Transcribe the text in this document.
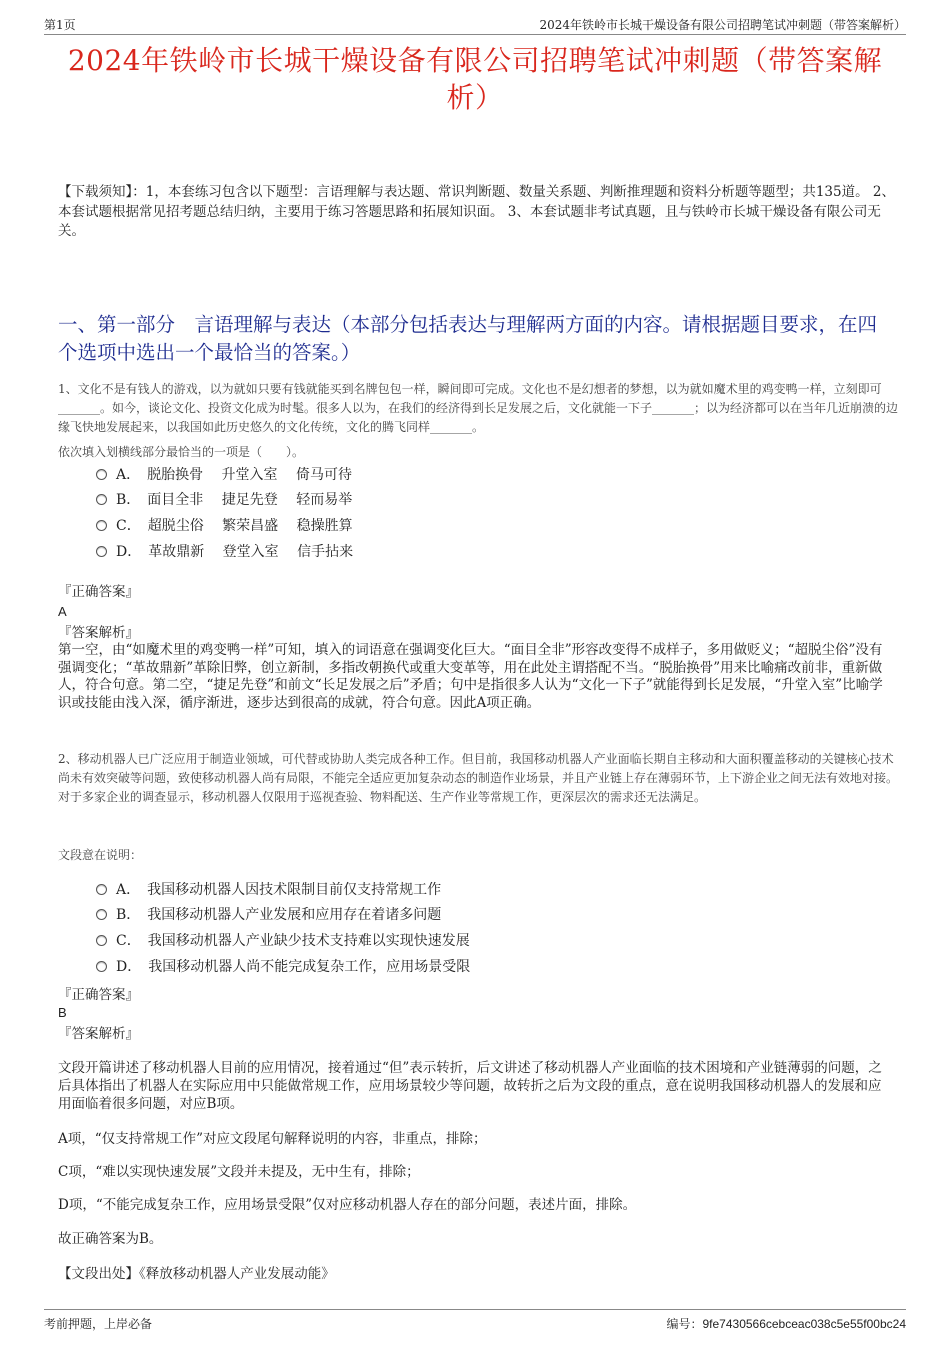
第1页	2024年铁岭市长城干燥设备有限公司招聘笔试冲刺题（带答案解析）
2024年铁岭市长城干燥设备有限公司招聘笔试冲刺题（带答案解析）
【下载须知】：1，本套练习包含以下题型：言语理解与表达题、常识判断题、数量关系题、判断推理题和资料分析题等题型；共135道。 2、本套试题根据常见招考题总结归纳，主要用于练习答题思路和拓展知识面。 3、本套试题非考试真题，且与铁岭市长城干燥设备有限公司无关。
一、第一部分　言语理解与表达（本部分包括表达与理解两方面的内容。请根据题目要求，在四个选项中选出一个最恰当的答案。）
1、文化不是有钱人的游戏，以为就如只要有钱就能买到名牌包包一样，瞬间即可完成。文化也不是幻想者的梦想，以为就如魔术里的鸡变鸭一样，立刻即可_______。如今，谈论文化、投资文化成为时髦。很多人以为，在我们的经济得到长足发展之后，文化就能一下子_______；以为经济都可以在当年几近崩溃的边缘飞快地发展起来，以我国如此历史悠久的文化传统，文化的腾飞同样_______。
依次填入划横线部分最恰当的一项是（　　）。
A．　脱胎换骨　 升堂入室　 倚马可待
B．　面目全非　 捷足先登　 轻而易举
C．　超脱尘俗　 繁荣昌盛　 稳操胜算
D．　革故鼎新　 登堂入室　 信手拈来
『正确答案』
A
『答案解析』
第一空，由“如魔术里的鸡变鸭一样”可知，填入的词语意在强调变化巨大。“面目全非”形容改变得不成样子，多用做贬义；“超脱尘俗”没有强调变化；“革故鼎新”革除旧弊，创立新制，多指改朝换代或重大变革等，用在此处主谓搭配不当。“脱胎换骨”用来比喻痛改前非，重新做人，符合句意。第二空，“捷足先登”和前文“长足发展之后”矛盾；句中是指很多人认为“文化一下子”就能得到长足发展，“升堂入室”比喻学识或技能由浅入深，循序渐进，逐步达到很高的成就，符合句意。因此A项正确。
2、移动机器人已广泛应用于制造业领域，可代替或协助人类完成各种工作。但目前，我国移动机器人产业面临长期自主移动和大面积覆盖移动的关键核心技术尚未有效突破等问题，致使移动机器人尚有局限，不能完全适应更加复杂动态的制造作业场景，并且产业链上存在薄弱环节，上下游企业之间无法有效地对接。对于多家企业的调查显示，移动机器人仅限用于巡视查验、物料配送、生产作业等常规工作，更深层次的需求还无法满足。
文段意在说明：
A．　我国移动机器人因技术限制目前仅支持常规工作
B．　我国移动机器人产业发展和应用存在着诸多问题
C．　我国移动机器人产业缺少技术支持难以实现快速发展
D．　我国移动机器人尚不能完成复杂工作，应用场景受限
『正确答案』
B
『答案解析』
文段开篇讲述了移动机器人目前的应用情况，接着通过“但”表示转折，后文讲述了移动机器人产业面临的技术困境和产业链薄弱的问题，之后具体指出了机器人在实际应用中只能做常规工作，应用场景较少等问题，故转折之后为文段的重点，意在说明我国移动机器人的发展和应用面临着很多问题，对应B项。
A项，“仅支持常规工作”对应文段尾句解释说明的内容，非重点，排除；
C项，“难以实现快速发展”文段并未提及，无中生有，排除；
D项，“不能完成复杂工作，应用场景受限”仅对应移动机器人存在的部分问题，表述片面，排除。
故正确答案为B。
【文段出处】《释放移动机器人产业发展动能》
考前押题，上岸必备	编号：9fe7430566cebceac038c5e55f00bc24
